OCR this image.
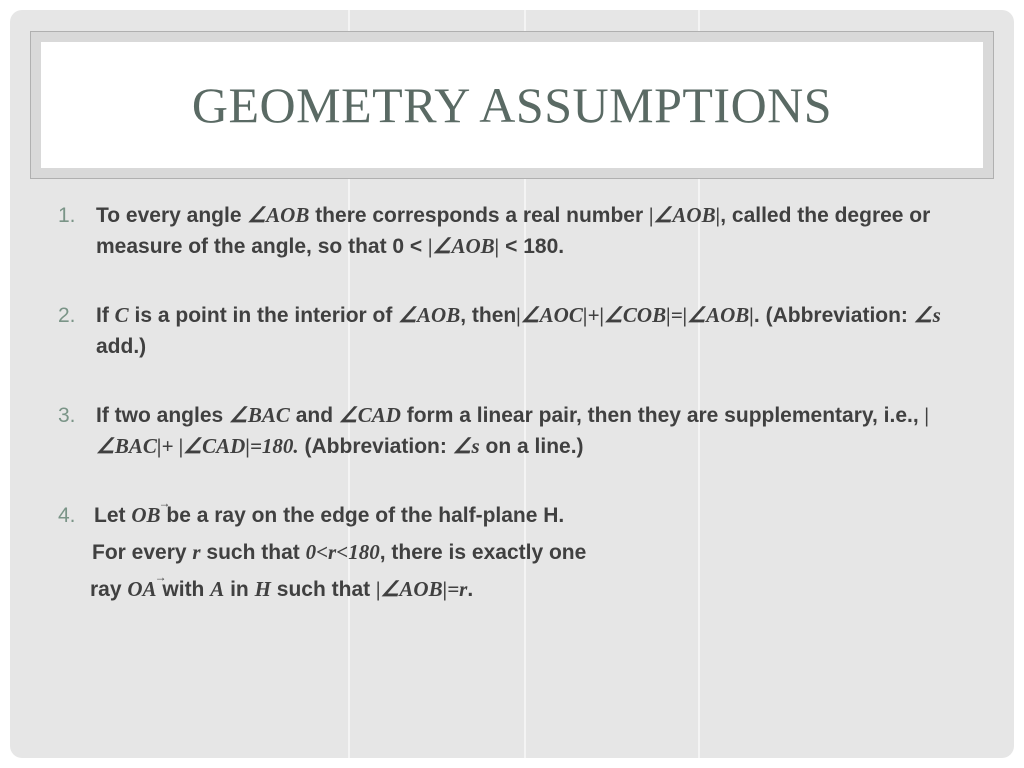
GEOMETRY ASSUMPTIONS
1. To every angle ∠AOB there corresponds a real number |∠AOB|, called the degree or measure of the angle, so that 0 < |∠AOB| < 180.
2. If C is a point in the interior of ∠AOB, then|∠AOC|+|∠COB|=|∠AOB|. (Abbreviation: ∠s add.)
3. If two angles ∠BAC and ∠CAD form a linear pair, then they are supplementary, i.e., |∠BAC|+ |∠CAD|=180. (Abbreviation: ∠s on a line.)
4. Let OB → be a ray on the edge of the half-plane H.
For every r such that 0<r<180, there is exactly one
ray OA → with A in H such that |∠AOB|=r.
